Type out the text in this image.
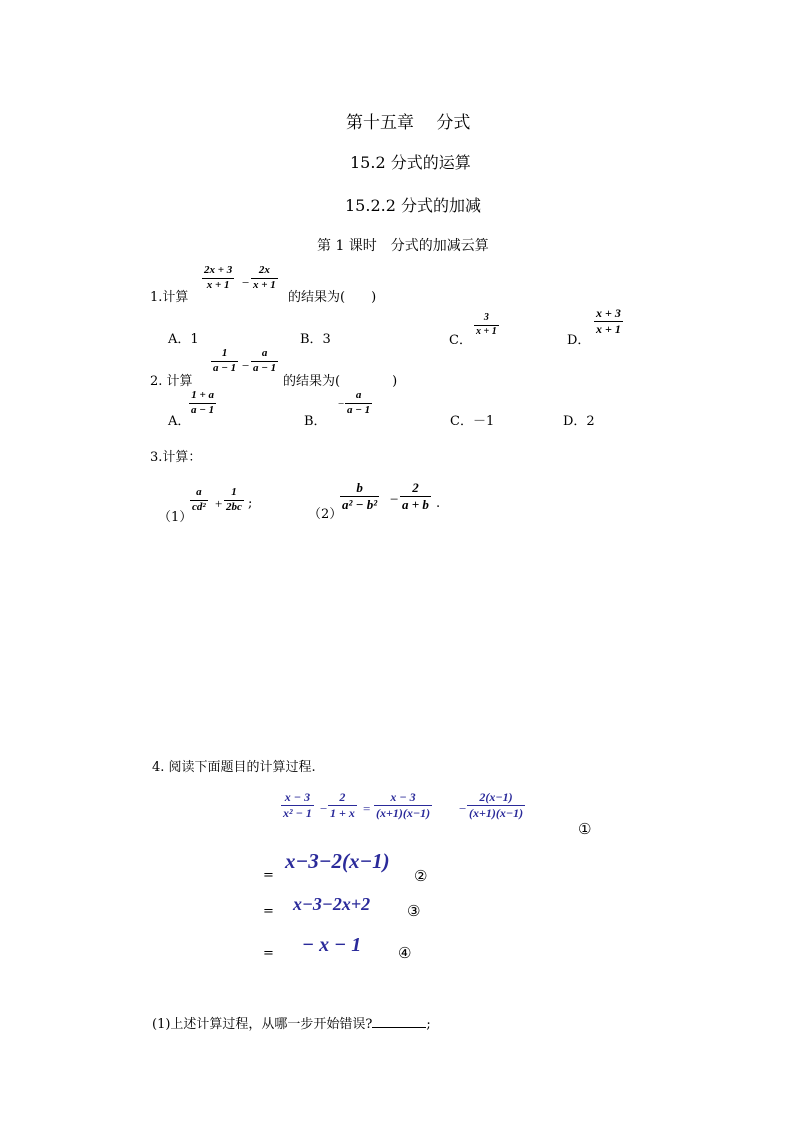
第十五章　 分式
15.2 分式的运算
15.2.2 分式的加减
第 1 课时　分式的加减云算
1.计算
$\frac{2x + 3}{x + 1} - \frac{2x}{x + 1}$
的结果为(　　)
A．1	B．3	C．
$\frac{3}{x + 1}$
D．
$\frac{x + 3}{x + 1}$
2. 计算
$\frac{1}{a - 1} - \frac{a}{a - 1}$
的结果为(　　　　)
A．
$\frac{1 + a}{a - 1}$
B．
− $\frac{a}{a - 1}$
C．－1	D．2
3.计算：
（1）
$\frac{a}{\text{cd²}} + \frac{1}{2bc}$ ;
（2）
$\frac{b}{\text{a² − b²}} - \frac{2}{a + b}$ .
4. 阅读下面题目的计算过程.
$\frac{x - 3}{\text{x² − 1}} - \frac{2}{1 + x} = \frac{x - 3}{(x+1)(x-1)} - \frac{2(x-1)}{(x+1)(x-1)}$
①
=
x−3−2(x−1)
②
= x−3−2x+2 ③
= − x − 1 ④
(1)上述计算过程，从哪一步开始错误?	;
